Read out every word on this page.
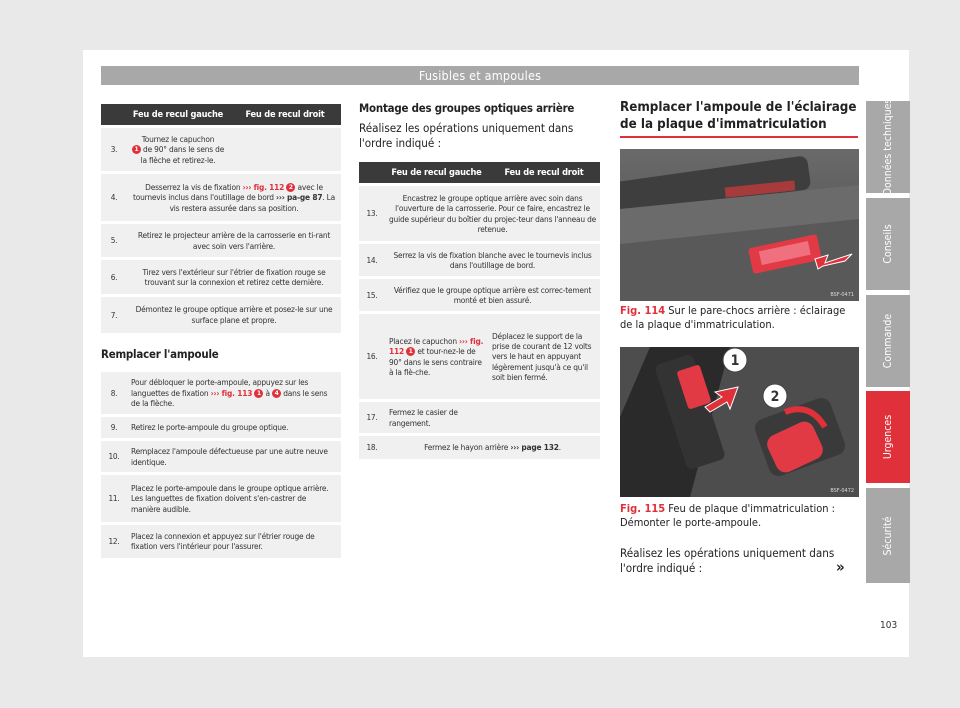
Fusibles et ampoules
	Feu de recul gauche	Feu de recul droit
3.	Tournez le capuchon
1 de 90° dans le sens de la flèche et retirez-le.	
4.	Desserrez la vis de fixation ››› fig. 112 2 avec le tournevis inclus dans l'outillage de bord ››› pa-ge 87. La vis restera assurée dans sa position.	
5.	Retirez le projecteur arrière de la carrosserie en ti-rant avec soin vers l'arrière.	
6.	Tirez vers l'extérieur sur l'étrier de fixation rouge se trouvant sur la connexion et retirez cette dernière.	
7.	Démontez le groupe optique arrière et posez-le sur une surface plane et propre.	
Remplacer l'ampoule
8.	Pour débloquer le porte-ampoule, appuyez sur les languettes de fixation ››› fig. 113 1 à 4 dans le sens de la flèche.
9.	Retirez le porte-ampoule du groupe optique.
10.	Remplacez l'ampoule défectueuse par une autre neuve identique.
11.	Placez le porte-ampoule dans le groupe optique arrière. Les languettes de fixation doivent s'en-castrer de manière audible.
12.	Placez la connexion et appuyez sur l'étrier rouge de fixation vers l'intérieur pour l'assurer.
Montage des groupes optiques arrière
Réalisez les opérations uniquement dans l'ordre indiqué :
	Feu de recul gauche	Feu de recul droit
13.	Encastrez le groupe optique arrière avec soin dans l'ouverture de la carrosserie. Pour ce faire, encastrez le guide supérieur du boîtier du projec-teur dans l'anneau de retenue.	
14.	Serrez la vis de fixation blanche avec le tournevis inclus dans l'outillage de bord.	
15.	Vérifiez que le groupe optique arrière est correc-tement monté et bien assuré.	
16.	Placez le capuchon ››› fig. 112 1 et tour-nez-le de 90° dans le sens contraire à la flè-che.	Déplacez le support de la prise de courant de 12 volts vers le haut en appuyant légèrement jusqu'à ce qu'il soit bien fermé.
17.	Fermez le casier de rangement.	
18.	Fermez le hayon arrière ››› page 132.	
Remplacer l'ampoule de l'éclairage de la plaque d'immatriculation
BSF-0471
Fig. 114 Sur le pare-chocs arrière : éclairage de la plaque d'immatriculation.
1
2
BSF-0472
Fig. 115 Feu de plaque d'immatriculation : Démonter le porte-ampoule.
Réalisez les opérations uniquement dans l'ordre indiqué :	»
Données techniques
Conseils
Commande
Urgences
Sécurité
103
